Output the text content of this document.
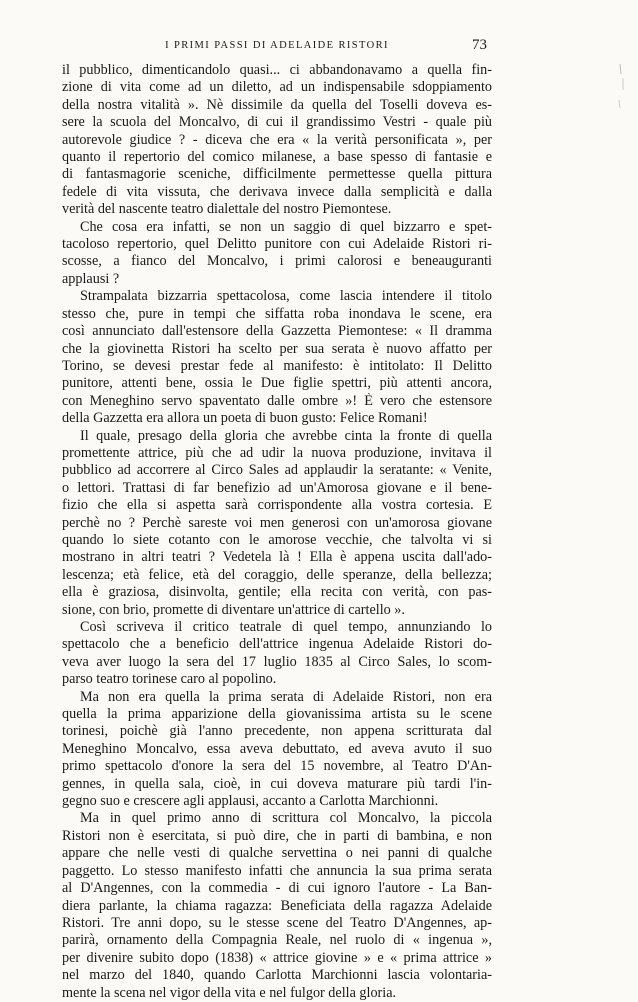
I PRIMI PASSI DI ADELAIDE RISTORI	73
il pubblico, dimenticandolo quasi... ci abbandonavamo a quella fin-
zione di vita come ad un diletto, ad un indispensabile sdoppiamento
della nostra vitalità ». Nè dissimile da quella del Toselli doveva es-
sere la scuola del Moncalvo, di cui il grandissimo Vestri - quale più
autorevole giudice ? - diceva che era « la verità personificata », per
quanto il repertorio del comico milanese, a base spesso di fantasie e
di fantasmagorie sceniche, difficilmente permettesse quella pittura
fedele di vita vissuta, che derivava invece dalla semplicità e dalla
verità del nascente teatro dialettale del nostro Piemontese.
Che cosa era infatti, se non un saggio di quel bizzarro e spet-
tacoloso repertorio, quel Delitto punitore con cui Adelaide Ristori ri-
scosse, a fianco del Moncalvo, i primi calorosi e beneauguranti
applausi ?
Strampalata bizzarria spettacolosa, come lascia intendere il titolo
stesso che, pure in tempi che siffatta roba inondava le scene, era
così annunciato dall'estensore della Gazzetta Piemontese: « Il dramma
che la giovinetta Ristori ha scelto per sua serata è nuovo affatto per
Torino, se devesi prestar fede al manifesto: è intitolato: Il Delitto
punitore, attenti bene, ossia le Due figlie spettri, più attenti ancora,
con Meneghino servo spaventato dalle ombre »! È vero che estensore
della Gazzetta era allora un poeta di buon gusto: Felice Romani!
Il quale, presago della gloria che avrebbe cinta la fronte di quella
promettente attrice, più che ad udir la nuova produzione, invitava il
pubblico ad accorrere al Circo Sales ad applaudir la seratante: « Venite,
o lettori. Trattasi di far benefizio ad un'Amorosa giovane e il bene-
fizio che ella si aspetta sarà corrispondente alla vostra cortesia. E
perchè no ? Perchè sareste voi men generosi con un'amorosa giovane
quando lo siete cotanto con le amorose vecchie, che talvolta vi si
mostrano in altri teatri ? Vedetela là ! Ella è appena uscita dall'ado-
lescenza; età felice, età del coraggio, delle speranze, della bellezza;
ella è graziosa, disinvolta, gentile; ella recita con verità, con pas-
sione, con brio, promette di diventare un'attrice di cartello ».
Così scriveva il critico teatrale di quel tempo, annunziando lo
spettacolo che a beneficio dell'attrice ingenua Adelaide Ristori do-
veva aver luogo la sera del 17 luglio 1835 al Circo Sales, lo scom-
parso teatro torinese caro al popolino.
Ma non era quella la prima serata di Adelaide Ristori, non era
quella la prima apparizione della giovanissima artista su le scene
torinesi, poichè già l'anno precedente, non appena scritturata dal
Meneghino Moncalvo, essa aveva debuttato, ed aveva avuto il suo
primo spettacolo d'onore la sera del 15 novembre, al Teatro D'An-
gennes, in quella sala, cioè, in cui doveva maturare più tardi l'in-
gegno suo e crescere agli applausi, accanto a Carlotta Marchionni.
Ma in quel primo anno di scrittura col Moncalvo, la piccola
Ristori non è esercitata, si può dire, che in parti di bambina, e non
appare che nelle vesti di qualche servettina o nei panni di qualche
paggetto. Lo stesso manifesto infatti che annuncia la sua prima serata
al D'Angennes, con la commedia - di cui ignoro l'autore - La Ban-
diera parlante, la chiama ragazza: Beneficiata della ragazza Adelaide
Ristori. Tre anni dopo, su le stesse scene del Teatro D'Angennes, ap-
parirà, ornamento della Compagnia Reale, nel ruolo di « ingenua »,
per divenire subito dopo (1838) « attrice giovine » e « prima attrice »
nel marzo del 1840, quando Carlotta Marchionni lascia volontaria-
mente la scena nel vigor della vita e nel fulgor della gloria.
